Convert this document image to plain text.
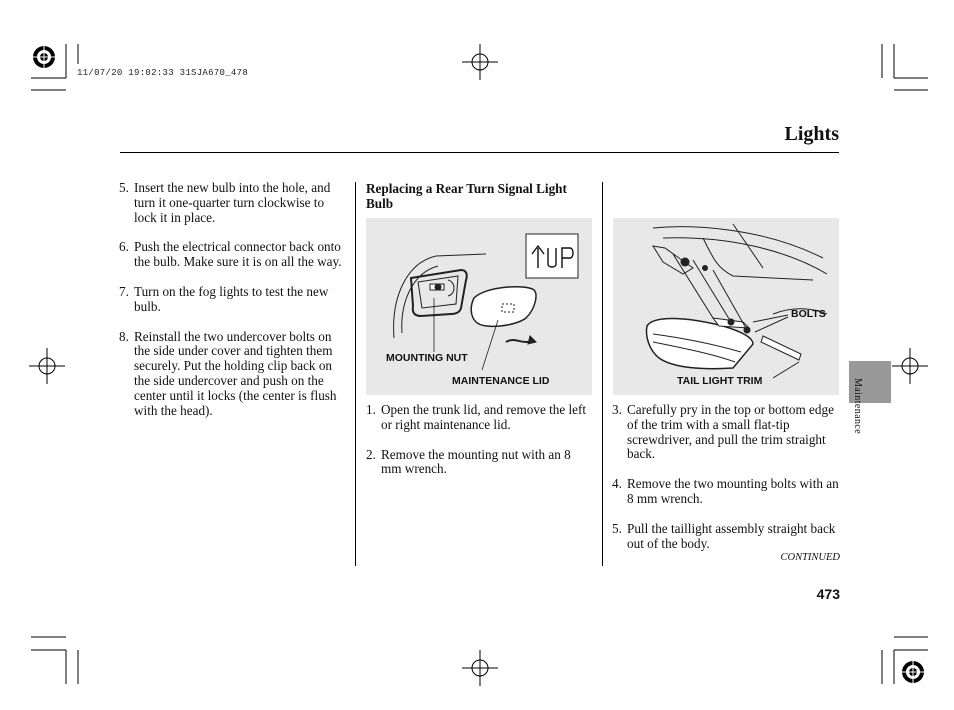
11/07/20 19:02:33 31SJA670_478
Lights
5. Insert the new bulb into the hole, and turn it one-quarter turn clockwise to lock it in place.
6. Push the electrical connector back onto the bulb. Make sure it is on all the way.
7. Turn on the fog lights to test the new bulb.
8. Reinstall the two undercover bolts on the side under cover and tighten them securely. Put the holding clip back on the side undercover and push on the center until it locks (the center is flush with the head).
Replacing a Rear Turn Signal Light Bulb
MOUNTING NUT
MAINTENANCE LID
1. Open the trunk lid, and remove the left or right maintenance lid.
2. Remove the mounting nut with an 8 mm wrench.
BOLTS
TAIL LIGHT TRIM
3. Carefully pry in the top or bottom edge of the trim with a small flat-tip screwdriver, and pull the trim straight back.
4. Remove the two mounting bolts with an 8 mm wrench.
5. Pull the taillight assembly straight back out of the body.
CONTINUED
Maintenance
473
